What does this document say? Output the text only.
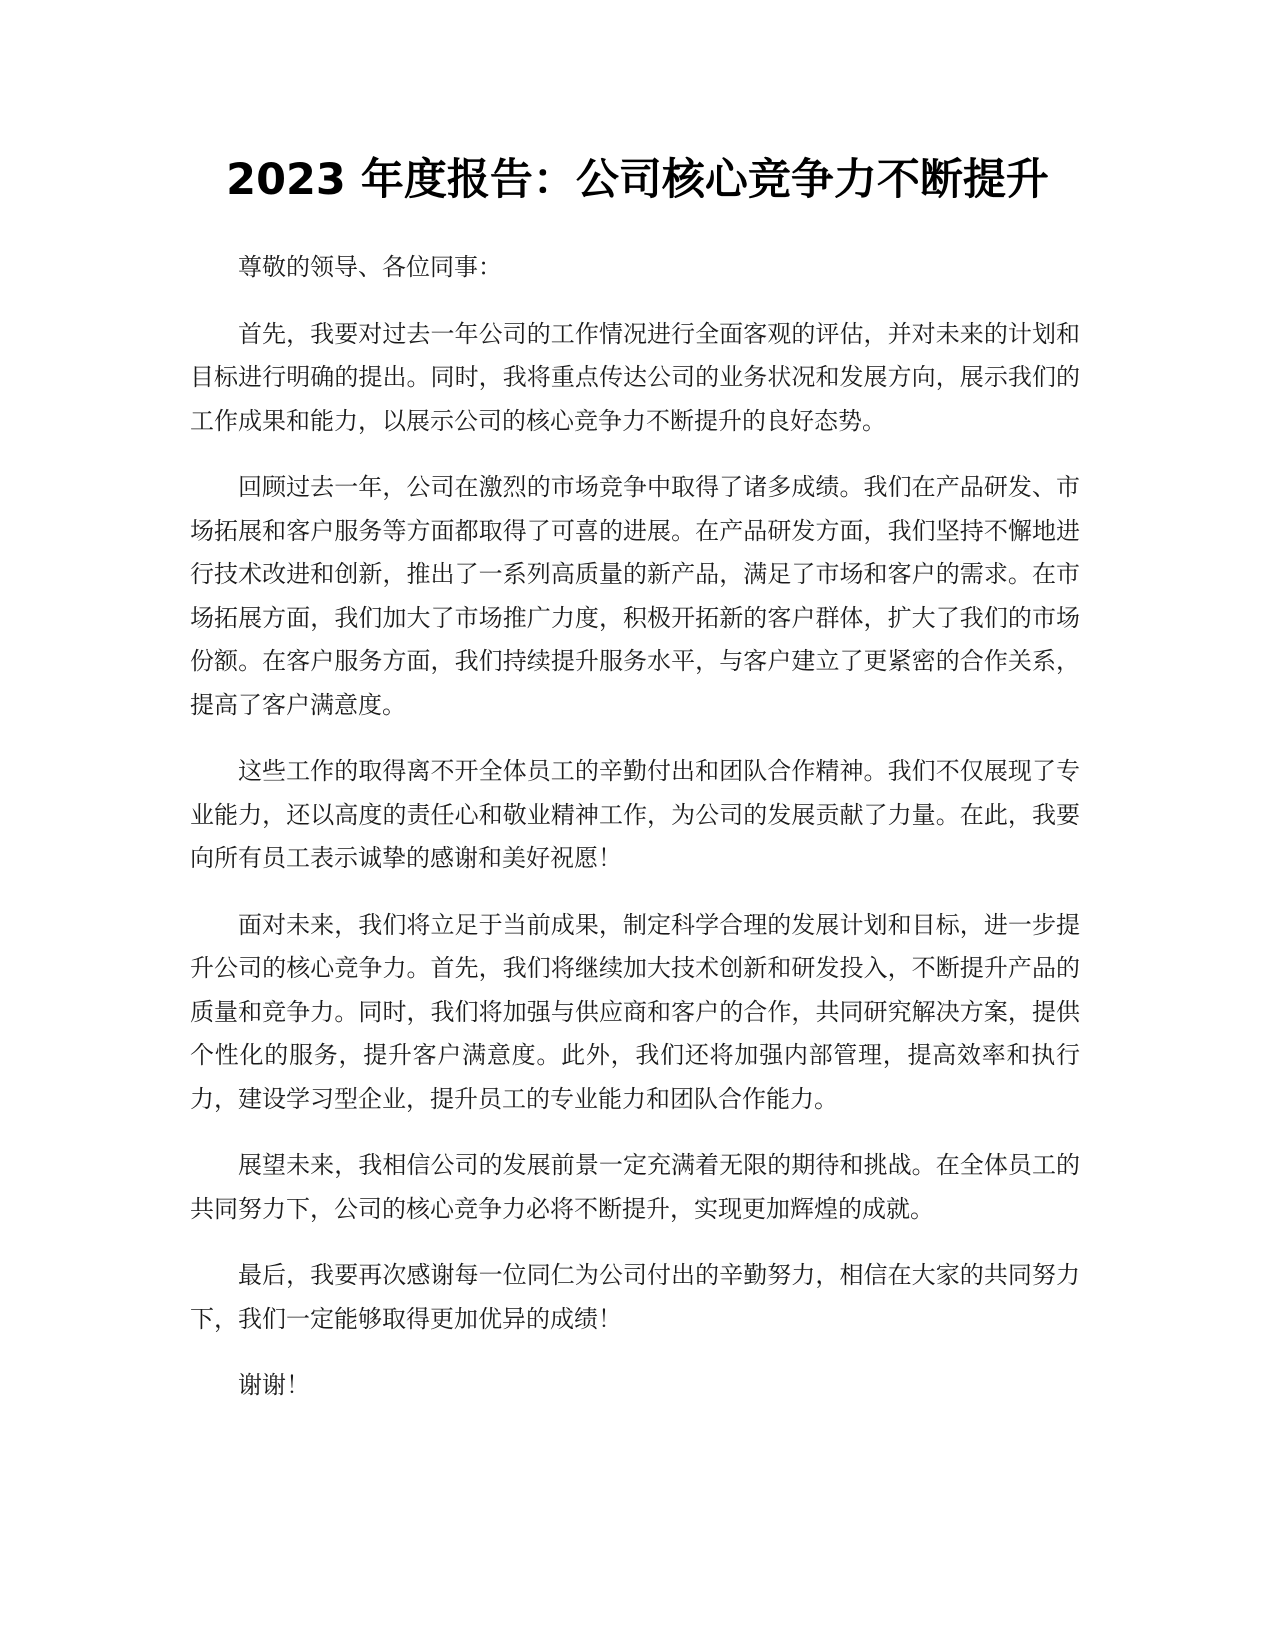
2023 年度报告：公司核心竞争力不断提升

尊敬的领导、各位同事：

首先，我要对过去一年公司的工作情况进行全面客观的评估，并对未来的计划和目标进行明确的提出。同时，我将重点传达公司的业务状况和发展方向，展示我们的工作成果和能力，以展示公司的核心竞争力不断提升的良好态势。

回顾过去一年，公司在激烈的市场竞争中取得了诸多成绩。我们在产品研发、市场拓展和客户服务等方面都取得了可喜的进展。在产品研发方面，我们坚持不懈地进行技术改进和创新，推出了一系列高质量的新产品，满足了市场和客户的需求。在市场拓展方面，我们加大了市场推广力度，积极开拓新的客户群体，扩大了我们的市场份额。在客户服务方面，我们持续提升服务水平，与客户建立了更紧密的合作关系，提高了客户满意度。

这些工作的取得离不开全体员工的辛勤付出和团队合作精神。我们不仅展现了专业能力，还以高度的责任心和敬业精神工作，为公司的发展贡献了力量。在此，我要向所有员工表示诚挚的感谢和美好祝愿！

面对未来，我们将立足于当前成果，制定科学合理的发展计划和目标，进一步提升公司的核心竞争力。首先，我们将继续加大技术创新和研发投入，不断提升产品的质量和竞争力。同时，我们将加强与供应商和客户的合作，共同研究解决方案，提供个性化的服务，提升客户满意度。此外，我们还将加强内部管理，提高效率和执行力，建设学习型企业，提升员工的专业能力和团队合作能力。

展望未来，我相信公司的发展前景一定充满着无限的期待和挑战。在全体员工的共同努力下，公司的核心竞争力必将不断提升，实现更加辉煌的成就。

最后，我要再次感谢每一位同仁为公司付出的辛勤努力，相信在大家的共同努力下，我们一定能够取得更加优异的成绩！

谢谢！
